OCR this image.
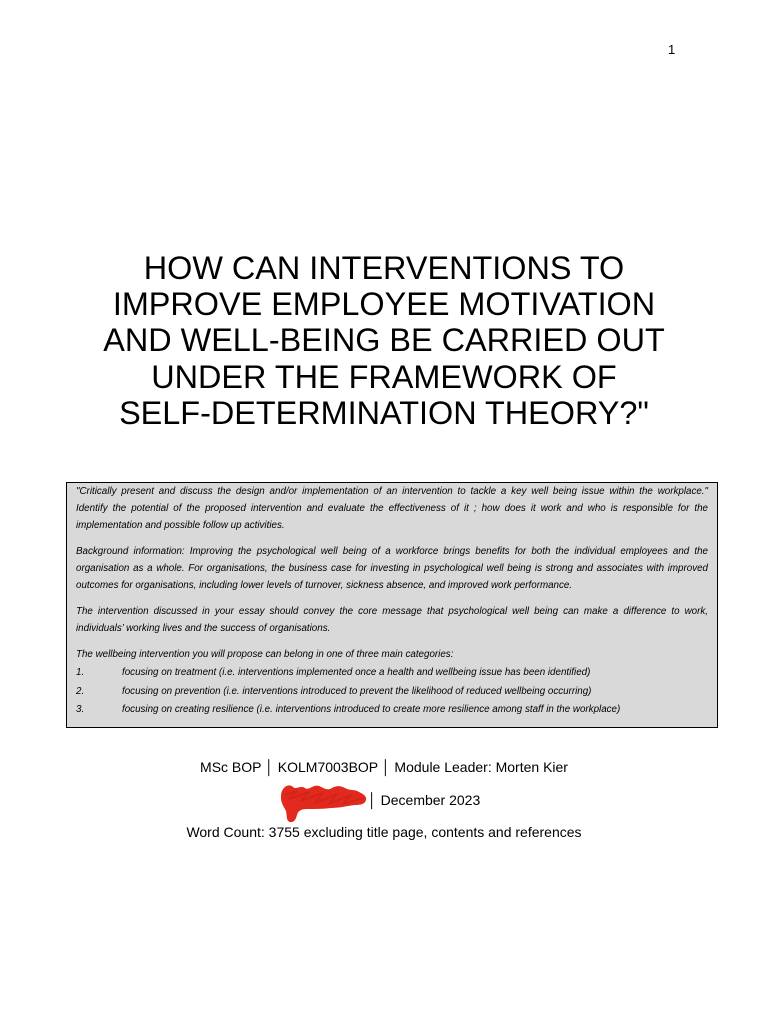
1
HOW CAN INTERVENTIONS TO
IMPROVE EMPLOYEE MOTIVATION
AND WELL-BEING BE CARRIED OUT
UNDER THE FRAMEWORK OF
SELF-DETERMINATION THEORY?"
"Critically present and discuss the design and/or implementation of an intervention to tackle a key well being issue within the workplace."
Identify the potential of the proposed intervention and evaluate the effectiveness of it ; how does it work and who is responsible for the
implementation and possible follow up activities.
Background information: Improving the psychological well being of a workforce brings benefits for both the individual employees and the
organisation as a whole. For organisations, the business case for investing in psychological well being is strong and associates with improved
outcomes for organisations, including lower levels of turnover, sickness absence, and improved work performance.
The intervention discussed in your essay should convey the core message that psychological well being can make a difference to work,
individuals’ working lives and the success of organisations.
The wellbeing intervention you will propose can belong in one of three main categories:
1.	focusing on treatment (i.e. interventions implemented once a health and wellbeing issue has been identified)
2.	focusing on prevention (i.e. interventions introduced to prevent the likelihood of reduced wellbeing occurring)
3.	focusing on creating resilience (i.e. interventions introduced to create more resilience among staff in the workplace)
MSc BOP │ KOLM7003BOP │ Module Leader: Morten Kier
│ December 2023
Word Count: 3755 excluding title page, contents and references
